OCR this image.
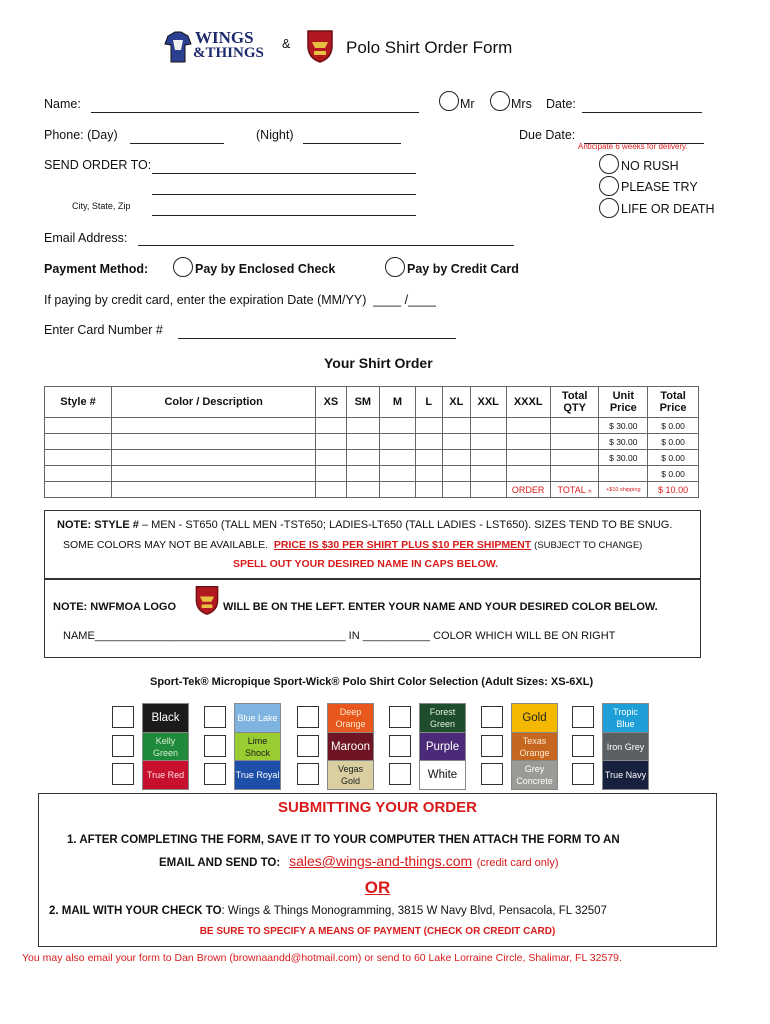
WINGS
&THINGS
&	Polo Shirt Order Form
Name:	Mr	Mrs Date:
Phone: (Day)	(Night)	Due Date:
Anticipate 6 weeks for delivery.
SEND ORDER TO:
City, State, Zip
NO RUSH
PLEASE TRY
LIFE OR DEATH
Email Address:
Payment Method:	Pay by Enclosed Check	Pay by Credit Card
If paying by credit card, enter the expiration Date (MM/YY)  ____ /____
Enter Card Number #
Your Shirt Order
Style #	Color / Description	XS	SM	M	L	XL	XXL	XXXL	Total QTY	Unit Price	Total Price
										$ 30.00	$ 0.00
										$ 30.00	$ 0.00
										$ 30.00	$ 0.00
											$ 0.00
								ORDER	TOTAL »	+$10 shipping	$ 10.00
NOTE: STYLE # – MEN - ST650 (TALL MEN -TST650; LADIES-LT650 (TALL LADIES - LST650). SIZES TEND TO BE SNUG.
SOME COLORS MAY NOT BE AVAILABLE. PRICE IS $30 PER SHIRT PLUS $10 PER SHIPMENT (SUBJECT TO CHANGE)
SPELL OUT YOUR DESIRED NAME IN CAPS BELOW.
NOTE: NWFMOA LOGO	WILL BE ON THE LEFT. ENTER YOUR NAME AND YOUR DESIRED COLOR BELOW.
NAME_________________________________________ IN ___________ COLOR WHICH WILL BE ON RIGHT
Sport-Tek® Micropique Sport-Wick® Polo Shirt Color Selection (Adult Sizes: XS-6XL)
Black
Kelly Green
True Red
Blue Lake
Lime Shock
True Royal
Deep Orange
Maroon
Vegas Gold
Forest Green
Purple
White
Gold
Texas Orange
Grey Concrete
Tropic Blue
Iron Grey
True Navy
SUBMITTING YOUR ORDER
1. AFTER COMPLETING THE FORM, SAVE IT TO YOUR COMPUTER THEN ATTACH THE FORM TO AN
EMAIL AND SEND TO: sales@wings-and-things.com (credit card only)
OR
2. MAIL WITH YOUR CHECK TO: Wings & Things Monogramming, 3815 W Navy Blvd, Pensacola, FL 32507
BE SURE TO SPECIFY A MEANS OF PAYMENT (CHECK OR CREDIT CARD)
You may also email your form to Dan Brown (brownaandd@hotmail.com) or send to 60 Lake Lorraine Circle, Shalimar, FL 32579.
